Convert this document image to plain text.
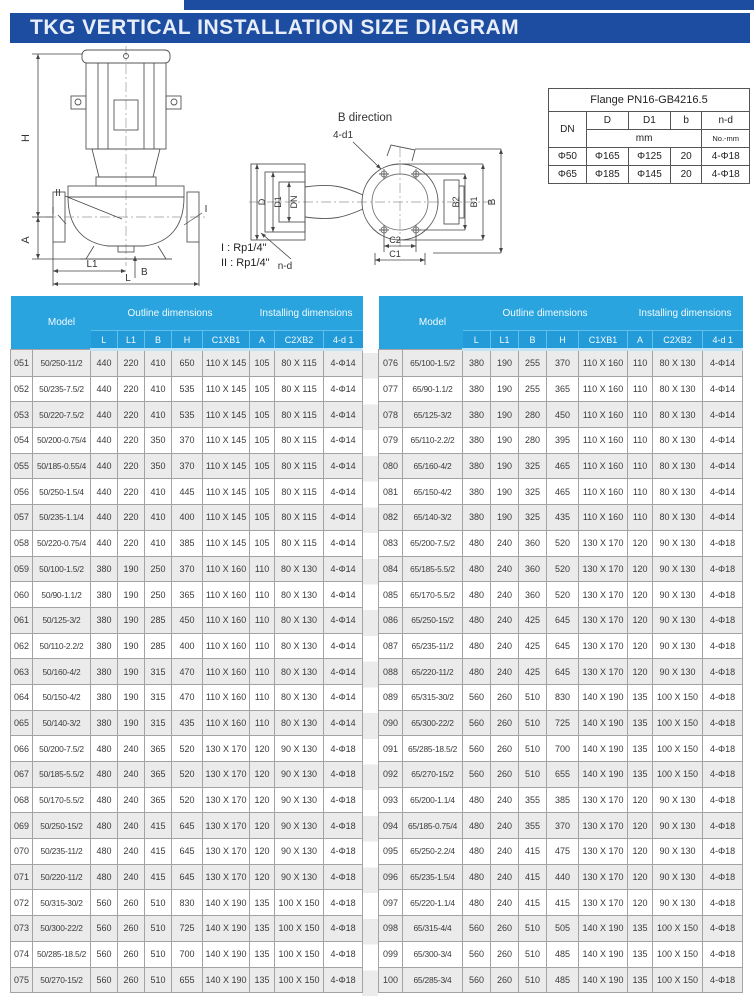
TKG VERTICAL INSTALLATION SIZE DIAGRAM
H
A
L1
L
B
II
I	I
B direction
4-d1
n-d
D D1 DN	B2 B1 B
C2
C1
I : Rp1/4"
II : Rp1/4"
Flange PN16-GB4216.5				
DN	D	D1	b	n-d
	mm			No.-mm
Φ50	Φ165	Φ125	20	4-Φ18
Φ65	Φ185	Φ145	20	4-Φ18
	Model	Outline dimensions					Installing dimensions		
		L	L1	B	H	C1XB1	A	C2XB2	4-d 1
051	50/250-11/2	440	220	410	650	110 X 145	105	80 X 115	4-Φ14
052	50/235-7.5/2	440	220	410	535	110 X 145	105	80 X 115	4-Φ14
053	50/220-7.5/2	440	220	410	535	110 X 145	105	80 X 115	4-Φ14
054	50/200-0.75/4	440	220	350	370	110 X 145	105	80 X 115	4-Φ14
055	50/185-0.55/4	440	220	350	370	110 X 145	105	80 X 115	4-Φ14
056	50/250-1.5/4	440	220	410	445	110 X 145	105	80 X 115	4-Φ14
057	50/235-1.1/4	440	220	410	400	110 X 145	105	80 X 115	4-Φ14
058	50/220-0.75/4	440	220	410	385	110 X 145	105	80 X 115	4-Φ14
059	50/100-1.5/2	380	190	250	370	110 X 160	110	80 X 130	4-Φ14
060	50/90-1.1/2	380	190	250	365	110 X 160	110	80 X 130	4-Φ14
061	50/125-3/2	380	190	285	450	110 X 160	110	80 X 130	4-Φ14
062	50/110-2.2/2	380	190	285	400	110 X 160	110	80 X 130	4-Φ14
063	50/160-4/2	380	190	315	470	110 X 160	110	80 X 130	4-Φ14
064	50/150-4/2	380	190	315	470	110 X 160	110	80 X 130	4-Φ14
065	50/140-3/2	380	190	315	435	110 X 160	110	80 X 130	4-Φ14
066	50/200-7.5/2	480	240	365	520	130 X 170	120	90 X 130	4-Φ18
067	50/185-5.5/2	480	240	365	520	130 X 170	120	90 X 130	4-Φ18
068	50/170-5.5/2	480	240	365	520	130 X 170	120	90 X 130	4-Φ18
069	50/250-15/2	480	240	415	645	130 X 170	120	90 X 130	4-Φ18
070	50/235-11/2	480	240	415	645	130 X 170	120	90 X 130	4-Φ18
071	50/220-11/2	480	240	415	645	130 X 170	120	90 X 130	4-Φ18
072	50/315-30/2	560	260	510	830	140 X 190	135	100 X 150	4-Φ18
073	50/300-22/2	560	260	510	725	140 X 190	135	100 X 150	4-Φ18
074	50/285-18.5/2	560	260	510	700	140 X 190	135	100 X 150	4-Φ18
075	50/270-15/2	560	260	510	655	140 X 190	135	100 X 150	4-Φ18
	Model	Outline dimensions					Installing dimensions		
		L	L1	B	H	C1XB1	A	C2XB2	4-d 1
076	65/100-1.5/2	380	190	255	370	110 X 160	110	80 X 130	4-Φ14
077	65/90-1.1/2	380	190	255	365	110 X 160	110	80 X 130	4-Φ14
078	65/125-3/2	380	190	280	450	110 X 160	110	80 X 130	4-Φ14
079	65/110-2.2/2	380	190	280	395	110 X 160	110	80 X 130	4-Φ14
080	65/160-4/2	380	190	325	465	110 X 160	110	80 X 130	4-Φ14
081	65/150-4/2	380	190	325	465	110 X 160	110	80 X 130	4-Φ14
082	65/140-3/2	380	190	325	435	110 X 160	110	80 X 130	4-Φ14
083	65/200-7.5/2	480	240	360	520	130 X 170	120	90 X 130	4-Φ18
084	65/185-5.5/2	480	240	360	520	130 X 170	120	90 X 130	4-Φ18
085	65/170-5.5/2	480	240	360	520	130 X 170	120	90 X 130	4-Φ18
086	65/250-15/2	480	240	425	645	130 X 170	120	90 X 130	4-Φ18
087	65/235-11/2	480	240	425	645	130 X 170	120	90 X 130	4-Φ18
088	65/220-11/2	480	240	425	645	130 X 170	120	90 X 130	4-Φ18
089	65/315-30/2	560	260	510	830	140 X 190	135	100 X 150	4-Φ18
090	65/300-22/2	560	260	510	725	140 X 190	135	100 X 150	4-Φ18
091	65/285-18.5/2	560	260	510	700	140 X 190	135	100 X 150	4-Φ18
092	65/270-15/2	560	260	510	655	140 X 190	135	100 X 150	4-Φ18
093	65/200-1.1/4	480	240	355	385	130 X 170	120	90 X 130	4-Φ18
094	65/185-0.75/4	480	240	355	370	130 X 170	120	90 X 130	4-Φ18
095	65/250-2.2/4	480	240	415	475	130 X 170	120	90 X 130	4-Φ18
096	65/235-1.5/4	480	240	415	440	130 X 170	120	90 X 130	4-Φ18
097	65/220-1.1/4	480	240	415	415	130 X 170	120	90 X 130	4-Φ18
098	65/315-4/4	560	260	510	505	140 X 190	135	100 X 150	4-Φ18
099	65/300-3/4	560	260	510	485	140 X 190	135	100 X 150	4-Φ18
100	65/285-3/4	560	260	510	485	140 X 190	135	100 X 150	4-Φ18
